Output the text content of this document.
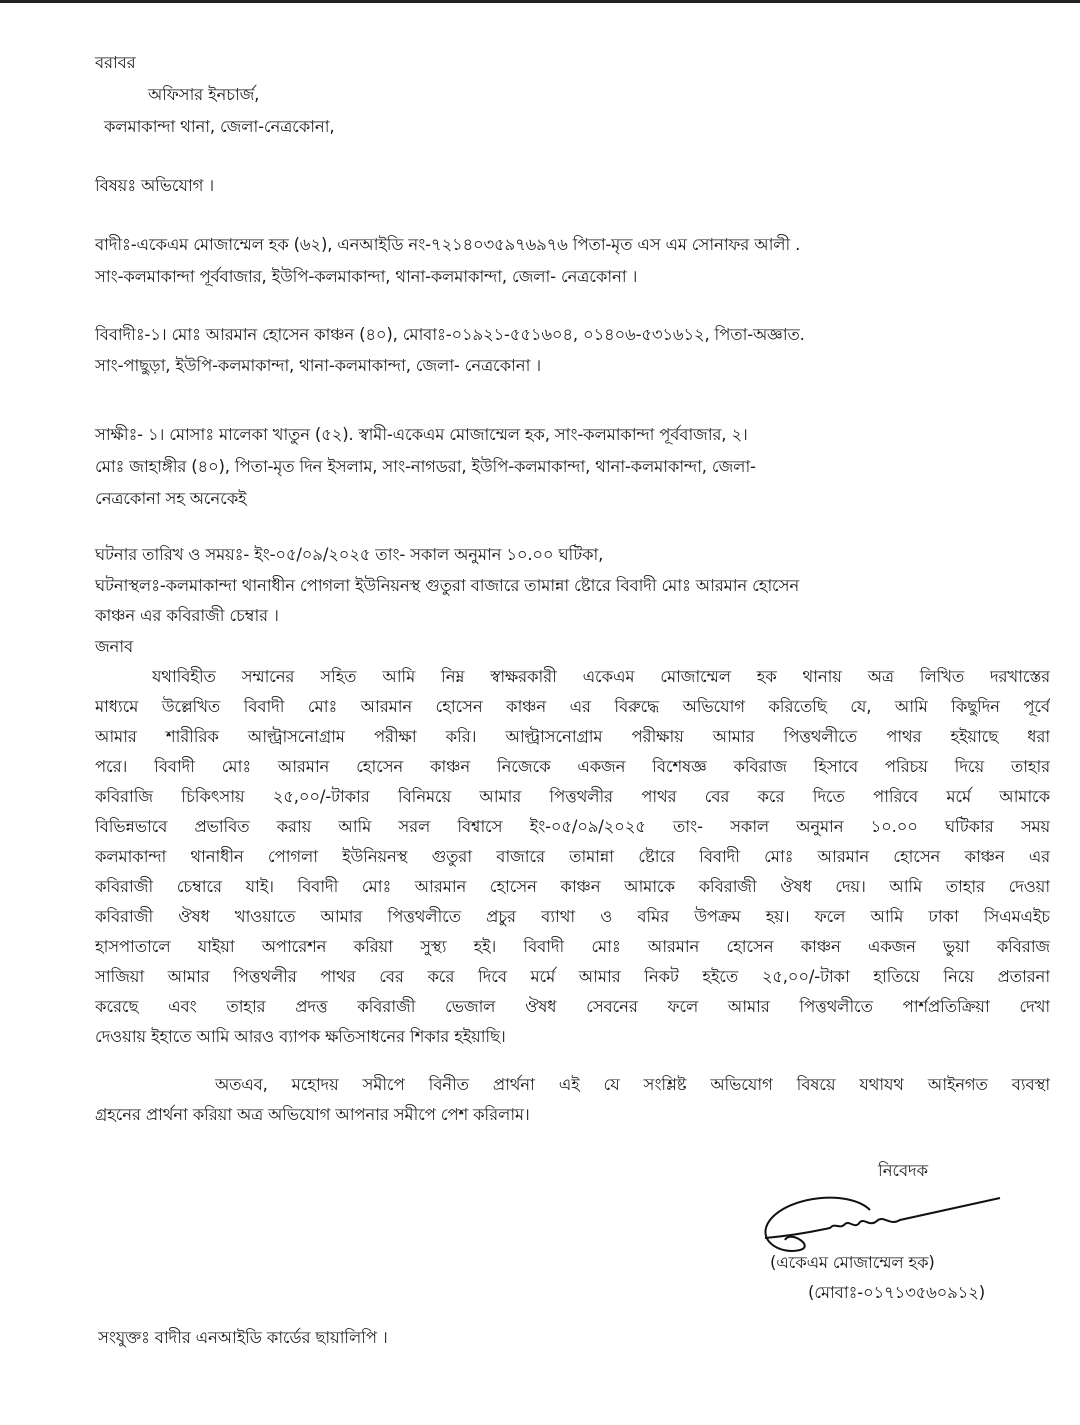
বরাবর
অফিসার ইনচার্জ,
কলমাকান্দা থানা, জেলা-নেত্রকোনা,
বিষয়ঃ অভিযোগ ।
বাদীঃ-একেএম মোজাম্মেল হক (৬২), এনআইডি নং-৭২১৪০৩৫৯৭৬৯৭৬ পিতা-মৃত এস এম সোনাফর আলী .
সাং-কলমাকান্দা পূর্ববাজার, ইউপি-কলমাকান্দা, থানা-কলমাকান্দা, জেলা- নেত্রকোনা ।
বিবাদীঃ-১। মোঃ আরমান হোসেন কাঞ্চন (৪০), মোবাঃ-০১৯২১-৫৫১৬০৪, ০১৪০৬-৫৩১৬১২, পিতা-অজ্ঞাত.
সাং-পাছুড়া, ইউপি-কলমাকান্দা, থানা-কলমাকান্দা, জেলা- নেত্রকোনা ।
সাক্ষীঃ- ১। মোসাঃ মালেকা খাতুন (৫২). স্বামী-একেএম মোজাম্মেল হক, সাং-কলমাকান্দা পূর্ববাজার, ২।
মোঃ জাহাঙ্গীর (৪০), পিতা-মৃত দিন ইসলাম, সাং-নাগডরা, ইউপি-কলমাকান্দা, থানা-কলমাকান্দা, জেলা-
নেত্রকোনা সহ অনেকেই
ঘটনার তারিখ ও সময়ঃ- ইং-০৫/০৯/২০২৫ তাং- সকাল অনুমান ১০.০০ ঘটিকা,
ঘটনাস্থলঃ-কলমাকান্দা থানাধীন পোগলা ইউনিয়নস্থ গুতুরা বাজারে তামান্না ষ্টোরে বিবাদী মোঃ আরমান হোসেন
কাঞ্চন এর কবিরাজী চেম্বার ।
জনাব
যথাবিহীত সম্মানের সহিত আমি নিম্ন স্বাক্ষরকারী একেএম মোজাম্মেল হক থানায় অত্র লিখিত দরখাস্তের
মাধ্যমে উল্লেখিত বিবাদী মোঃ আরমান হোসেন কাঞ্চন এর বিরুদ্ধে অভিযোগ করিতেছি যে, আমি কিছুদিন পূর্বে
আমার শারীরিক আল্ট্রাসনোগ্রাম পরীক্ষা করি। আল্ট্রাসনোগ্রাম পরীক্ষায় আমার পিত্তথলীতে পাথর হইয়াছে ধরা
পরে। বিবাদী মোঃ আরমান হোসেন কাঞ্চন নিজেকে একজন বিশেষজ্ঞ কবিরাজ হিসাবে পরিচয় দিয়ে তাহার
কবিরাজি চিকিৎসায় ২৫,০০/-টাকার বিনিময়ে আমার পিত্তথলীর পাথর বের করে দিতে পারিবে মর্মে আমাকে
বিভিন্নভাবে প্রভাবিত করায় আমি সরল বিশ্বাসে ইং-০৫/০৯/২০২৫ তাং- সকাল অনুমান ১০.০০ ঘটিকার সময়
কলমাকান্দা থানাধীন পোগলা ইউনিয়নস্থ গুতুরা বাজারে তামান্না ষ্টোরে বিবাদী মোঃ আরমান হোসেন কাঞ্চন এর
কবিরাজী চেম্বারে যাই। বিবাদী মোঃ আরমান হোসেন কাঞ্চন আমাকে কবিরাজী ঔষধ দেয়। আমি তাহার দেওয়া
কবিরাজী ঔষধ খাওয়াতে আমার পিত্তথলীতে প্রচুর ব্যাথা ও বমির উপক্রম হয়। ফলে আমি ঢাকা সিএমএইচ
হাসপাতালে যাইয়া অপারেশন করিয়া সুস্থ্য হই। বিবাদী মোঃ আরমান হোসেন কাঞ্চন একজন ভুয়া কবিরাজ
সাজিয়া আমার পিত্তথলীর পাথর বের করে দিবে মর্মে আমার নিকট হইতে ২৫,০০/-টাকা হাতিয়ে নিয়ে প্রতারনা
করেছে এবং তাহার প্রদত্ত কবিরাজী ভেজাল ঔষধ সেবনের ফলে আমার পিত্তথলীতে পার্শপ্রতিক্রিয়া দেখা
দেওয়ায় ইহাতে আমি আরও ব্যাপক ক্ষতিসাধনের শিকার হইয়াছি।
অতএব, মহোদয় সমীপে বিনীত প্রার্থনা এই যে সংশ্লিষ্ট অভিযোগ বিষয়ে যথাযথ আইনগত ব্যবস্থা
গ্রহনের প্রার্থনা করিয়া অত্র অভিযোগ আপনার সমীপে পেশ করিলাম।
নিবেদক
(একেএম মোজাম্মেল হক)
(মোবাঃ-০১৭১৩৫৬০৯১২)
সংযুক্তঃ বাদীর এনআইডি কার্ডের ছায়ালিপি ।
